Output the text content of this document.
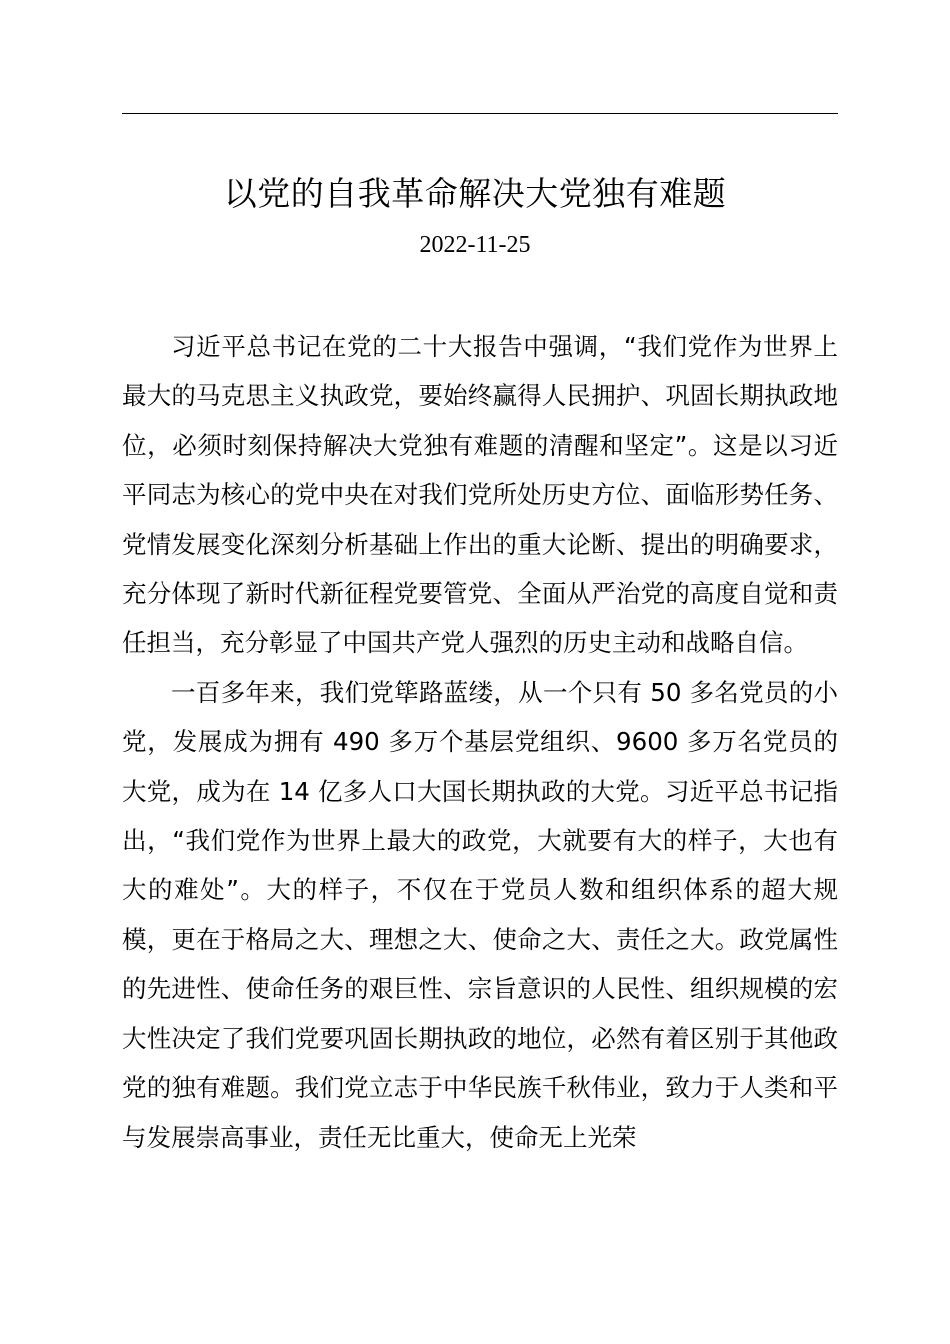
以党的自我革命解决大党独有难题
2022-11-25

习近平总书记在党的二十大报告中强调，“我们党作为世界上最大的马克思主义执政党，要始终赢得人民拥护、巩固长期执政地位，必须时刻保持解决大党独有难题的清醒和坚定”。这是以习近平同志为核心的党中央在对我们党所处历史方位、面临形势任务、党情发展变化深刻分析基础上作出的重大论断、提出的明确要求，充分体现了新时代新征程党要管党、全面从严治党的高度自觉和责任担当，充分彰显了中国共产党人强烈的历史主动和战略自信。

一百多年来，我们党筚路蓝缕，从一个只有 50 多名党员的小党，发展成为拥有 490 多万个基层党组织、9600 多万名党员的大党，成为在 14 亿多人口大国长期执政的大党。习近平总书记指出，“我们党作为世界上最大的政党，大就要有大的样子，大也有大的难处”。大的样子，不仅在于党员人数和组织体系的超大规模，更在于格局之大、理想之大、使命之大、责任之大。政党属性的先进性、使命任务的艰巨性、宗旨意识的人民性、组织规模的宏大性决定了我们党要巩固长期执政的地位，必然有着区别于其他政党的独有难题。我们党立志于中华民族千秋伟业，致力于人类和平与发展崇高事业，责任无比重大，使命无上光荣
